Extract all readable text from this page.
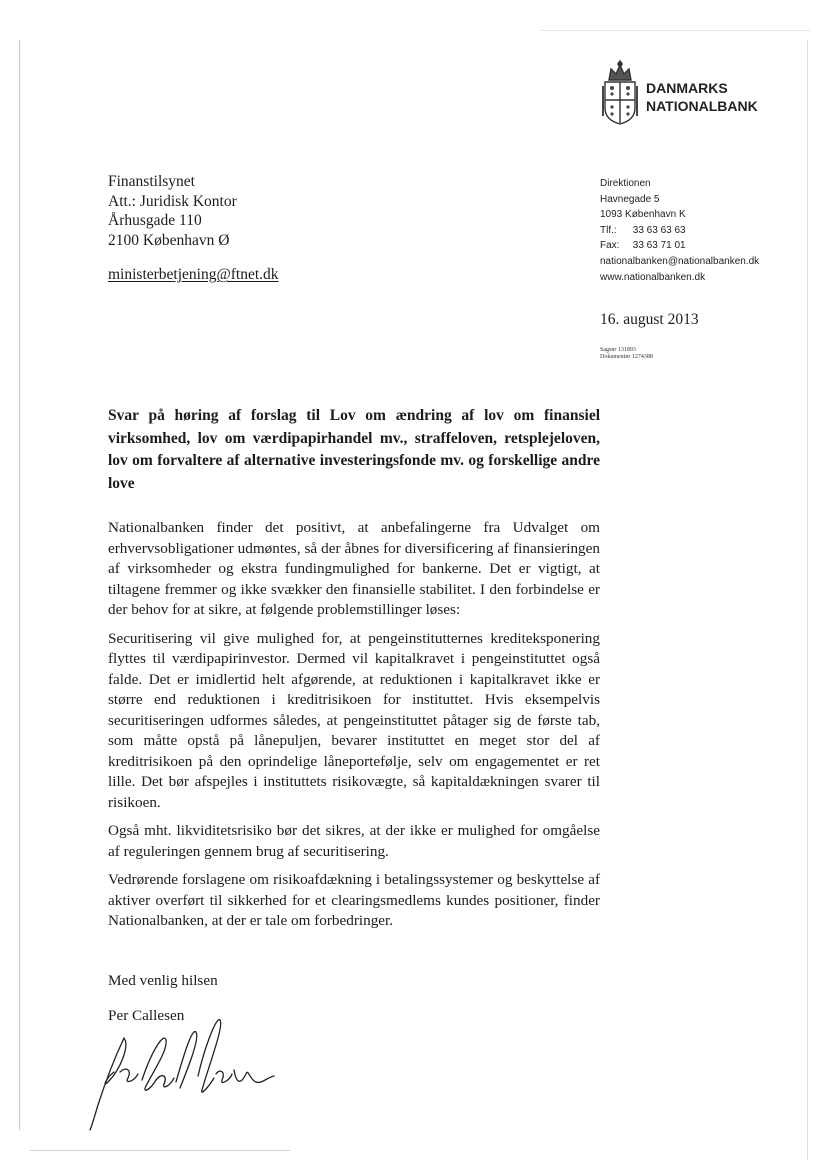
DANMARKS
NATIONALBANK
Finanstilsynet
Att.: Juridisk Kontor
Århusgade 110
2100 København Ø
ministerbetjening@ftnet.dk
Direktionen
Havnegade 5
1093 København K
Tlf.: 33 63 63 63
Fax: 33 63 71 01
nationalbanken@nationalbanken.dk
www.nationalbanken.dk
16. august 2013
Sagsnr 131893
Dokumentnr 1274388
Svar på høring af forslag til Lov om ændring af lov om finansiel virksomhed, lov om værdipapirhandel mv., straffeloven, retsplejeloven, lov om forvaltere af alternative investeringsfonde mv. og forskellige andre love

Nationalbanken finder det positivt, at anbefalingerne fra Udvalget om erhvervsobligationer udmøntes, så der åbnes for diversificering af finansieringen af virksomheder og ekstra fundingmulighed for bankerne. Det er vigtigt, at tiltagene fremmer og ikke svækker den finansielle stabilitet. I den forbindelse er der behov for at sikre, at følgende problemstillinger løses:

Securitisering vil give mulighed for, at pengeinstitutternes krediteksponering flyttes til værdipapirinvestor. Dermed vil kapitalkravet i pengeinstituttet også falde. Det er imidlertid helt afgørende, at reduktionen i kapitalkravet ikke er større end reduktionen i kreditrisikoen for instituttet. Hvis eksempelvis securitiseringen udformes således, at pengeinstituttet påtager sig de første tab, som måtte opstå på lånepuljen, bevarer instituttet en meget stor del af kreditrisikoen på den oprindelige låneportefølje, selv om engagementet er ret lille. Det bør afspejles i instituttets risikovægte, så kapitaldækningen svarer til risikoen.

Også mht. likviditetsrisiko bør det sikres, at der ikke er mulighed for omgåelse af reguleringen gennem brug af securitisering.

Vedrørende forslagene om risikoafdækning i betalingssystemer og beskyttelse af aktiver overført til sikkerhed for et clearingsmedlems kundes positioner, finder Nationalbanken, at der er tale om forbedringer.

Med venlig hilsen
Per Callesen
